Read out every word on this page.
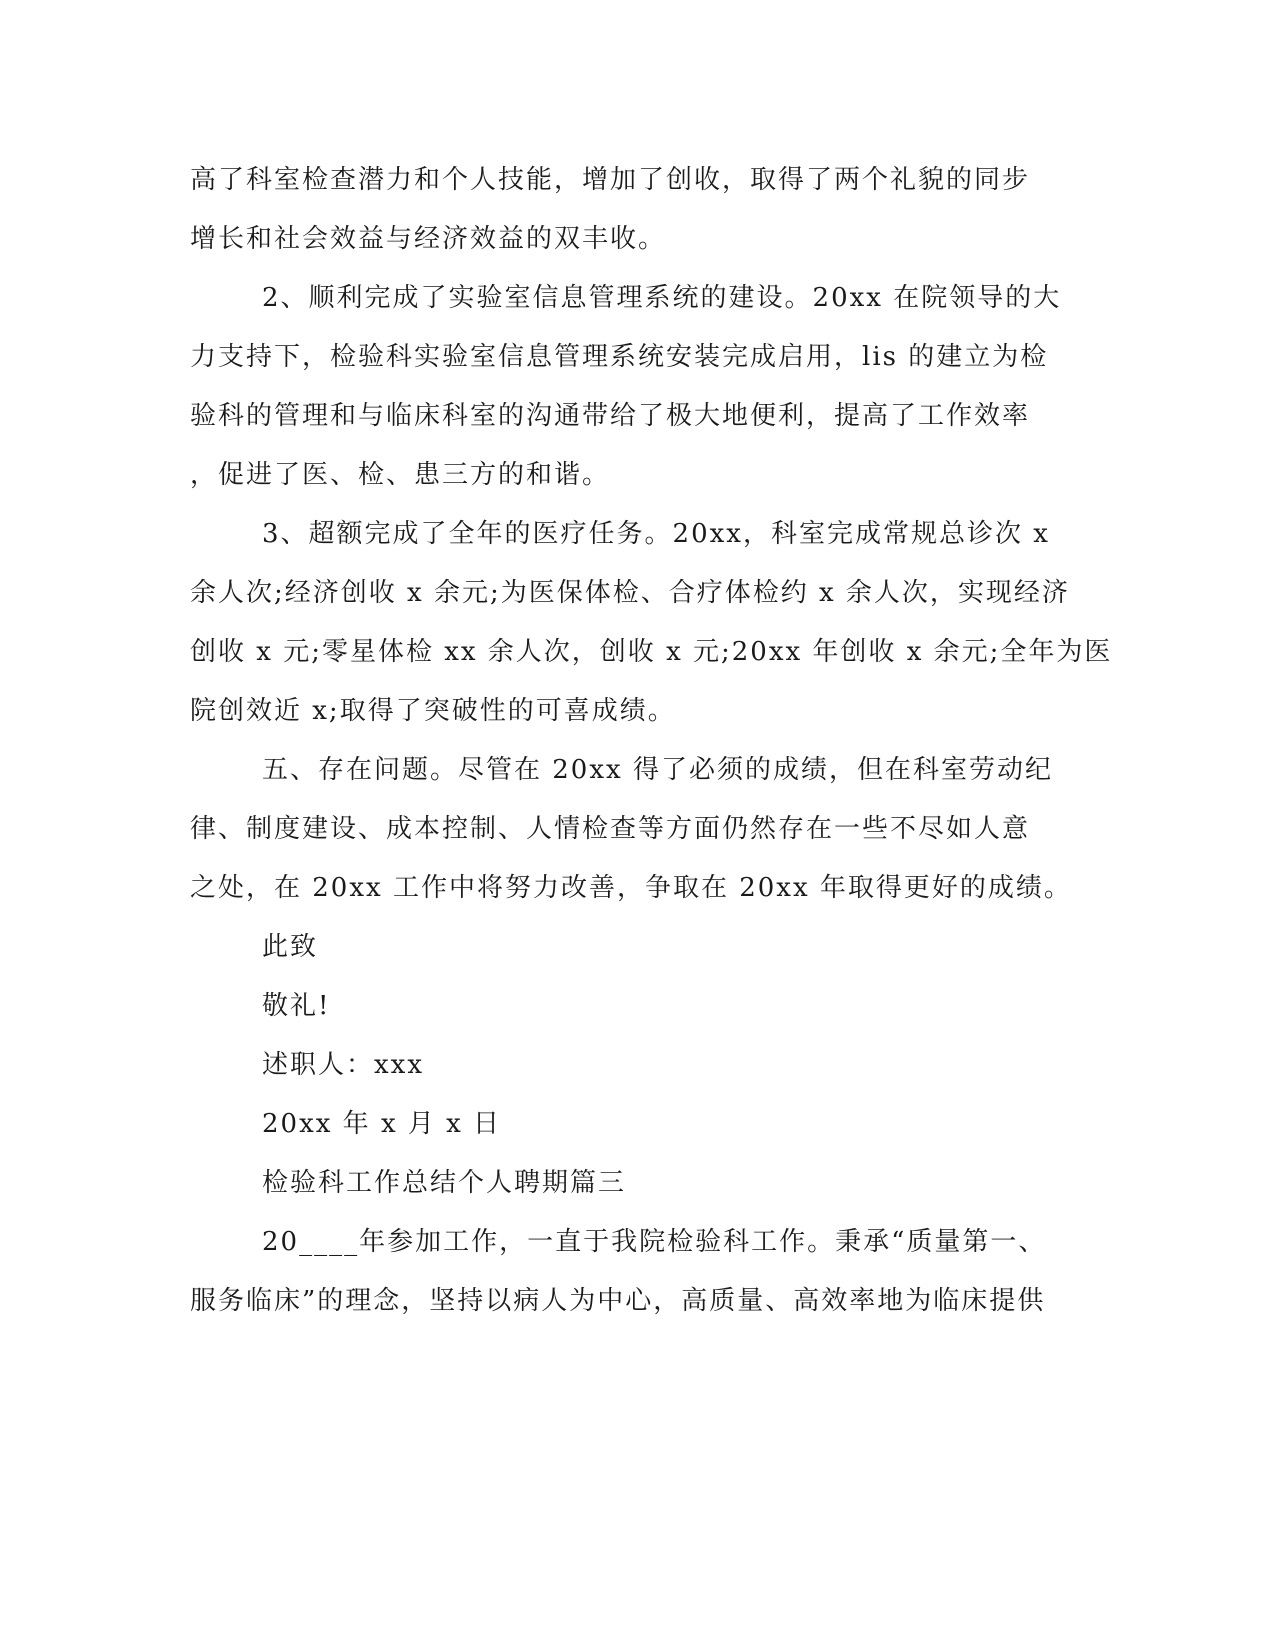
高了科室检查潜力和个人技能，增加了创收，取得了两个礼貌的同步
增长和社会效益与经济效益的双丰收。
2、顺利完成了实验室信息管理系统的建设。20xx 在院领导的大
力支持下，检验科实验室信息管理系统安装完成启用，lis 的建立为检
验科的管理和与临床科室的沟通带给了极大地便利，提高了工作效率
，促进了医、检、患三方的和谐。
3、超额完成了全年的医疗任务。20xx，科室完成常规总诊次 x
余人次;经济创收 x 余元;为医保体检、合疗体检约 x 余人次，实现经济
创收 x 元;零星体检 xx 余人次，创收 x 元;20xx 年创收 x 余元;全年为医
院创效近 x;取得了突破性的可喜成绩。
五、存在问题。尽管在 20xx 得了必须的成绩，但在科室劳动纪
律、制度建设、成本控制、人情检查等方面仍然存在一些不尽如人意
之处，在 20xx 工作中将努力改善，争取在 20xx 年取得更好的成绩。
此致
敬礼!
述职人：xxx
20xx 年 x 月 x 日
检验科工作总结个人聘期篇三
20____年参加工作，一直于我院检验科工作。秉承“质量第一、
服务临床”的理念，坚持以病人为中心，高质量、高效率地为临床提供
